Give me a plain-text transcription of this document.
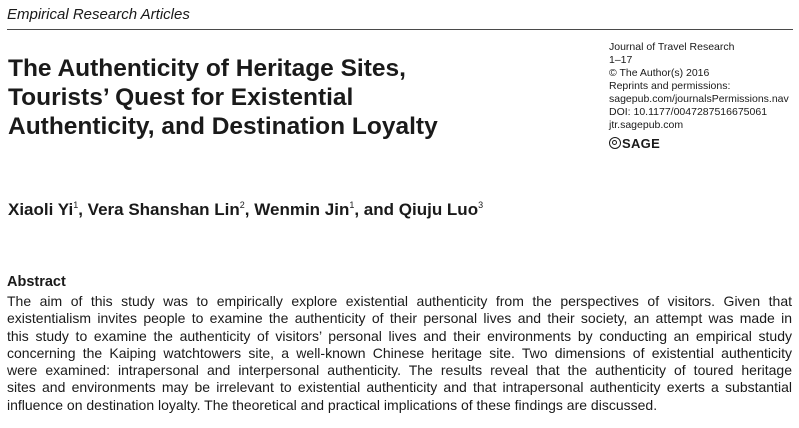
Empirical Research Articles
The Authenticity of Heritage Sites,
Tourists’ Quest for Existential
Authenticity, and Destination Loyalty
Journal of Travel Research
1–17
© The Author(s) 2016
Reprints and permissions:
sagepub.com/journalsPermissions.nav
DOI: 10.1177/0047287516675061
jtr.sagepub.com
SAGE
Xiaoli Yi$^1$, Vera Shanshan Lin$^2$, Wenmin Jin$^1$, and Qiuju Luo$^3$
Abstract
The aim of this study was to empirically explore existential authenticity from the perspectives of visitors. Given that
existentialism invites people to examine the authenticity of their personal lives and their society, an attempt was made in
this study to examine the authenticity of visitors’ personal lives and their environments by conducting an empirical study
concerning the Kaiping watchtowers site, a well-known Chinese heritage site. Two dimensions of existential authenticity
were examined: intrapersonal and interpersonal authenticity. The results reveal that the authenticity of toured heritage
sites and environments may be irrelevant to existential authenticity and that intrapersonal authenticity exerts a substantial
influence on destination loyalty. The theoretical and practical implications of these findings are discussed.
